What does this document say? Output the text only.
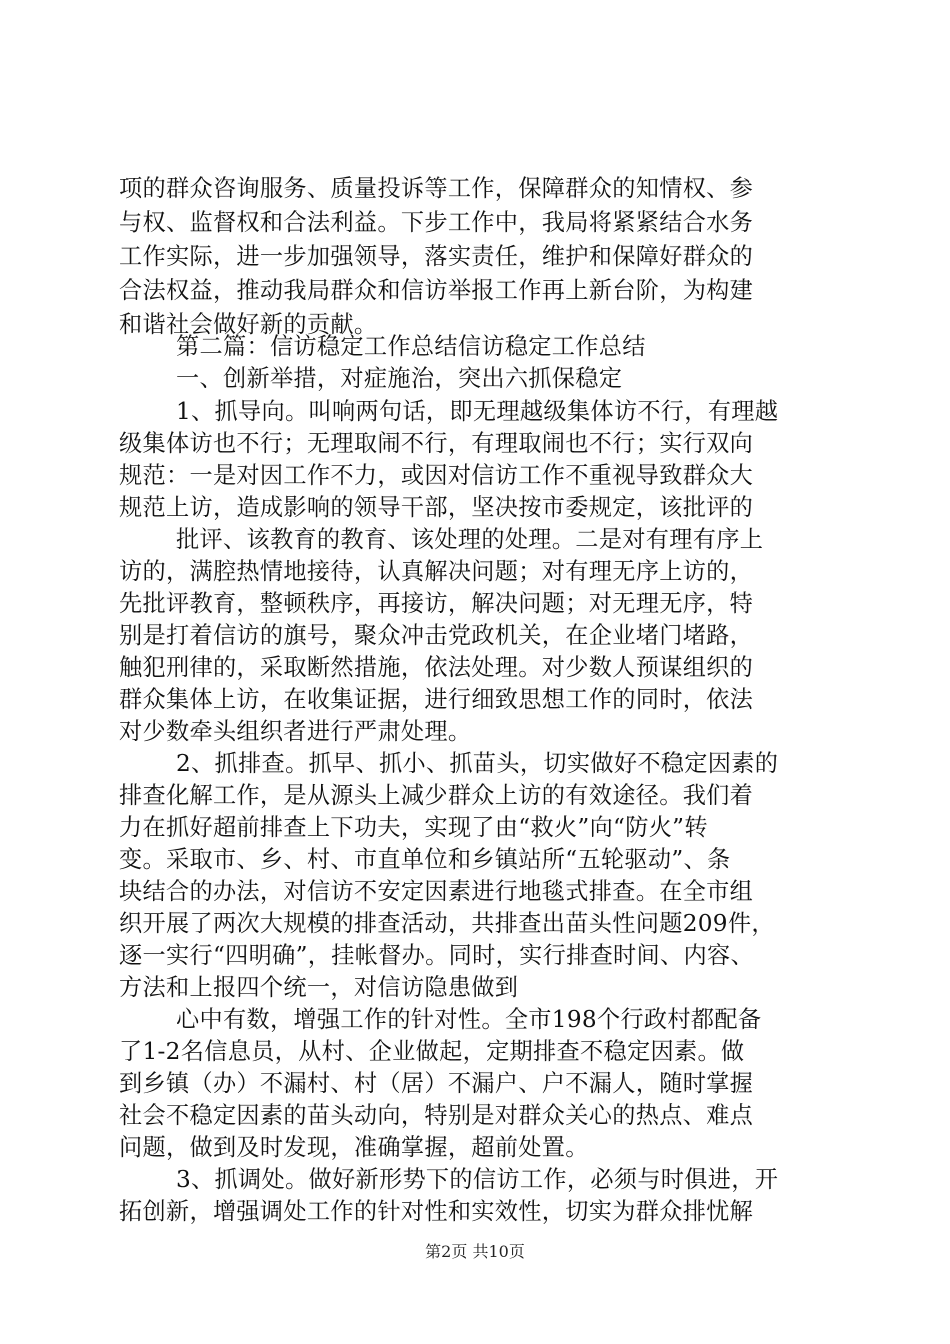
项的群众咨询服务、质量投诉等工作，保障群众的知情权、参
与权、监督权和合法利益。下步工作中，我局将紧紧结合水务
工作实际，进一步加强领导，落实责任，维护和保障好群众的
合法权益，推动我局群众和信访举报工作再上新台阶，为构建
和谐社会做好新的贡献。
第二篇：信访稳定工作总结信访稳定工作总结
一、创新举措，对症施治，突出六抓保稳定
1、抓导向。叫响两句话，即无理越级集体访不行，有理越
级集体访也不行；无理取闹不行，有理取闹也不行；实行双向
规范：一是对因工作不力，或因对信访工作不重视导致群众大
规范上访，造成影响的领导干部，坚决按市委规定，该批评的
批评、该教育的教育、该处理的处理。二是对有理有序上
访的，满腔热情地接待，认真解决问题；对有理无序上访的，
先批评教育，整顿秩序，再接访，解决问题；对无理无序，特
别是打着信访的旗号，聚众冲击党政机关，在企业堵门堵路，
触犯刑律的，采取断然措施，依法处理。对少数人预谋组织的
群众集体上访，在收集证据，进行细致思想工作的同时，依法
对少数牵头组织者进行严肃处理。
2、抓排查。抓早、抓小、抓苗头，切实做好不稳定因素的
排查化解工作，是从源头上减少群众上访的有效途径。我们着
力在抓好超前排查上下功夫，实现了由“救火”向“防火”转
变。采取市、乡、村、市直单位和乡镇站所“五轮驱动”、条
块结合的办法，对信访不安定因素进行地毯式排查。在全市组
织开展了两次大规模的排查活动，共排查出苗头性问题209件，
逐一实行“四明确”，挂帐督办。同时，实行排查时间、内容、
方法和上报四个统一，对信访隐患做到
心中有数，增强工作的针对性。全市198个行政村都配备
了1-2名信息员，从村、企业做起，定期排查不稳定因素。做
到乡镇（办）不漏村、村（居）不漏户、户不漏人，随时掌握
社会不稳定因素的苗头动向，特别是对群众关心的热点、难点
问题，做到及时发现，准确掌握，超前处置。
3、抓调处。做好新形势下的信访工作，必须与时俱进，开
拓创新，增强调处工作的针对性和实效性，切实为群众排忧解
第2页 共10页
